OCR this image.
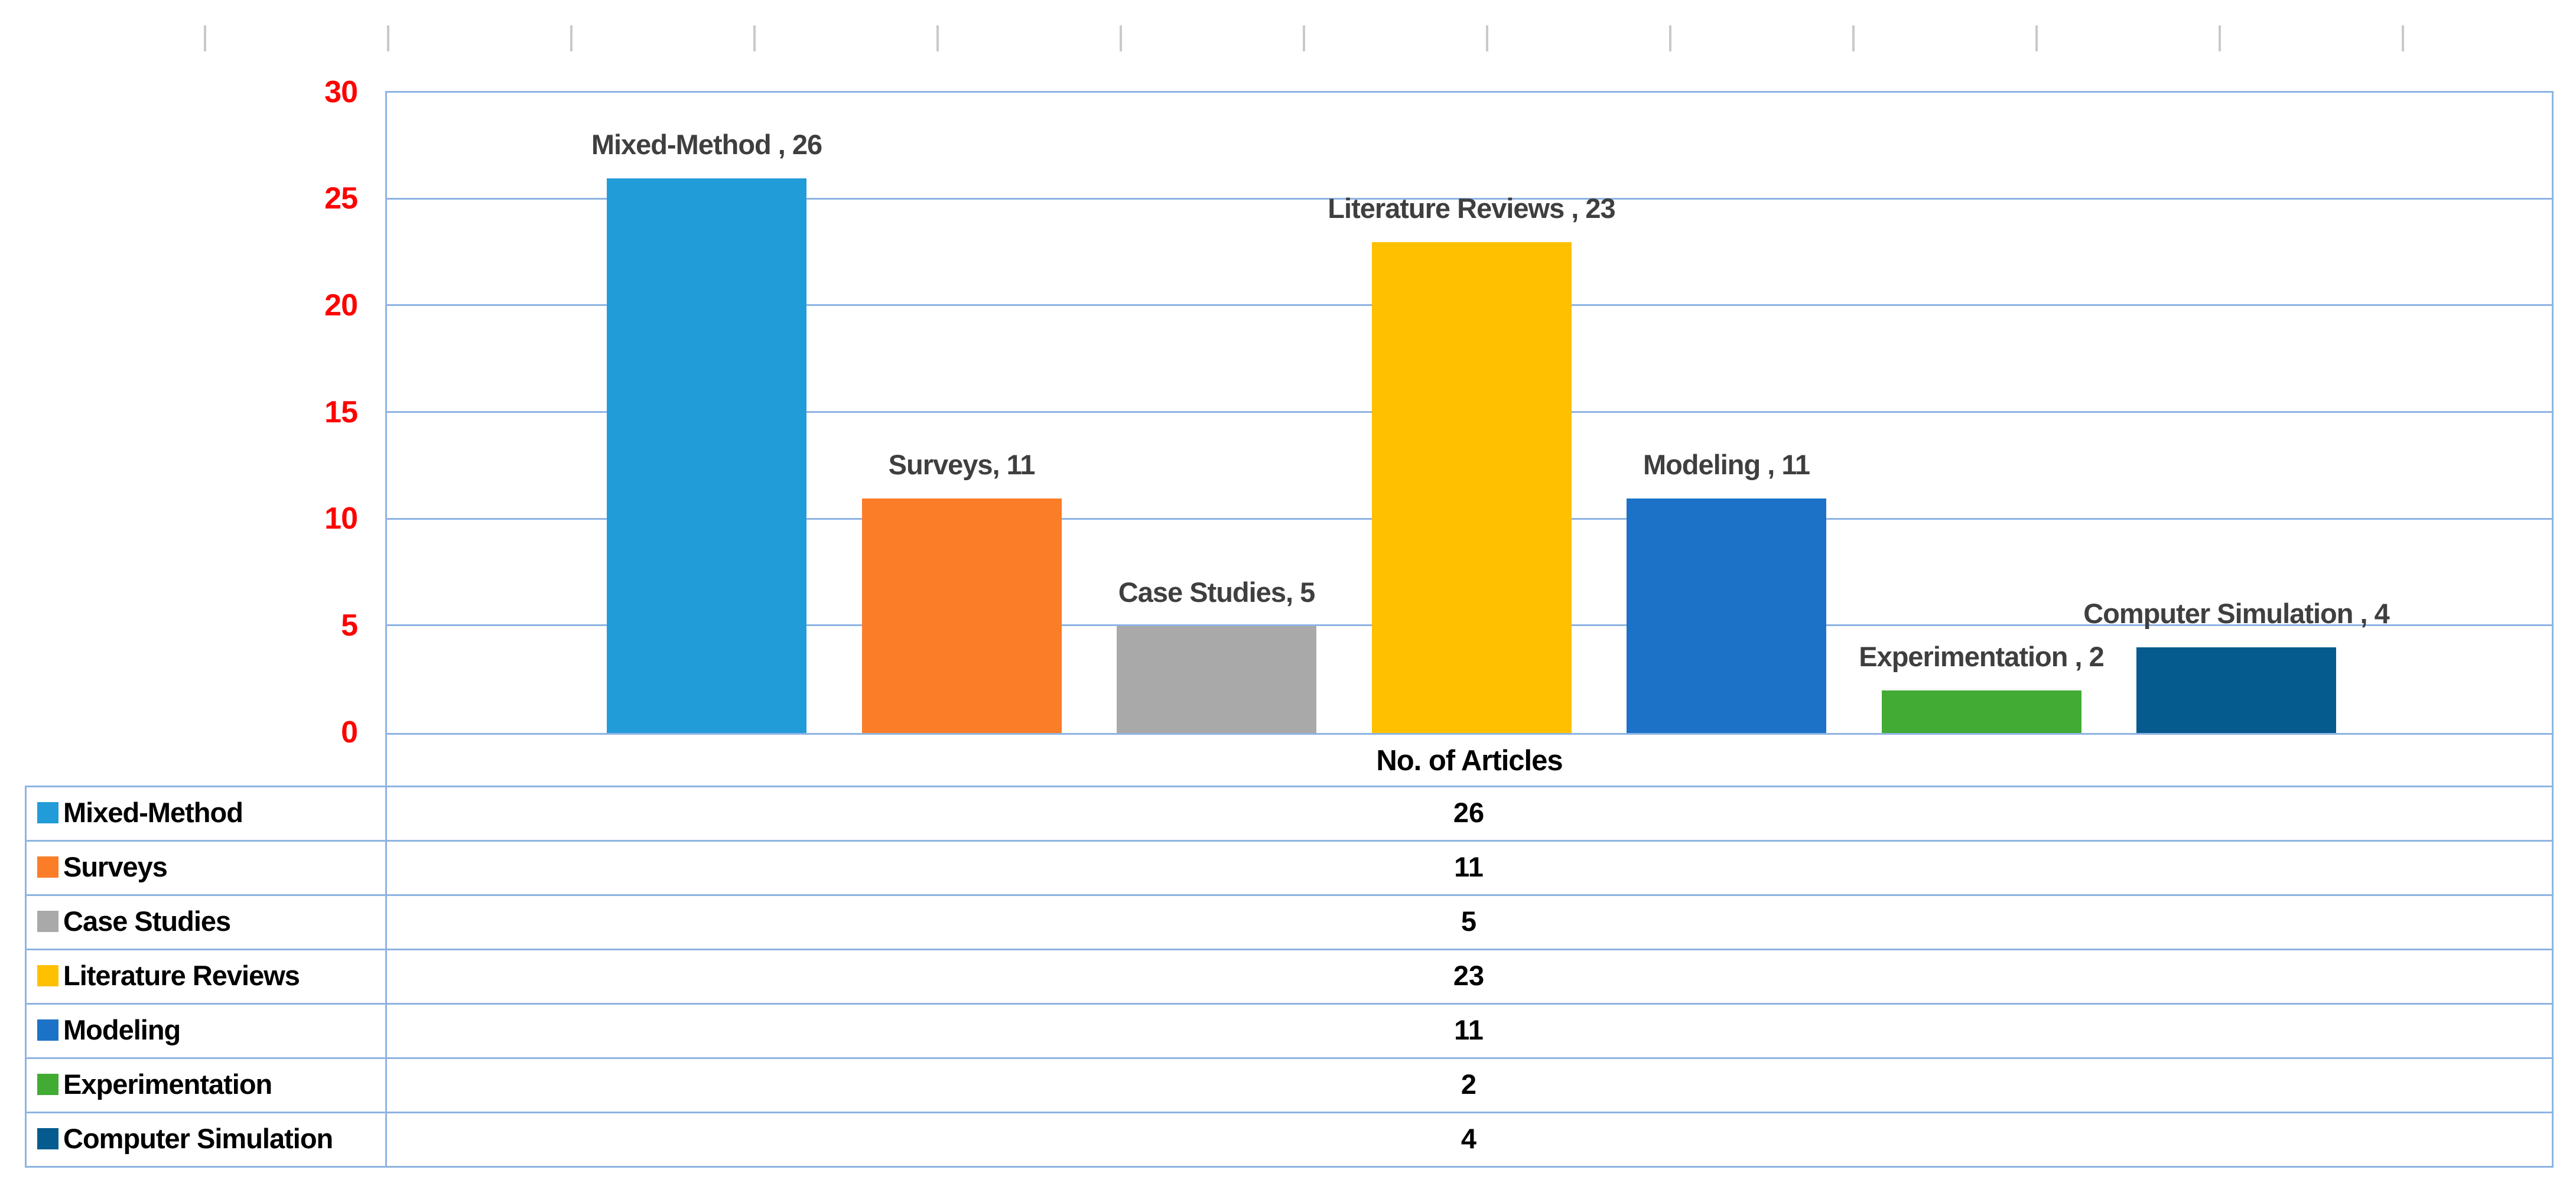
30
25
20
15
10
5
0
Mixed-Method , 26
Surveys, 11
Case Studies, 5
Literature Reviews , 23
Modeling , 11
Experimentation , 2
Computer Simulation , 4
No. of Articles
Mixed-Method	26
Surveys	11
Case Studies	5
Literature Reviews	23
Modeling	11
Experimentation	2
Computer Simulation	4
